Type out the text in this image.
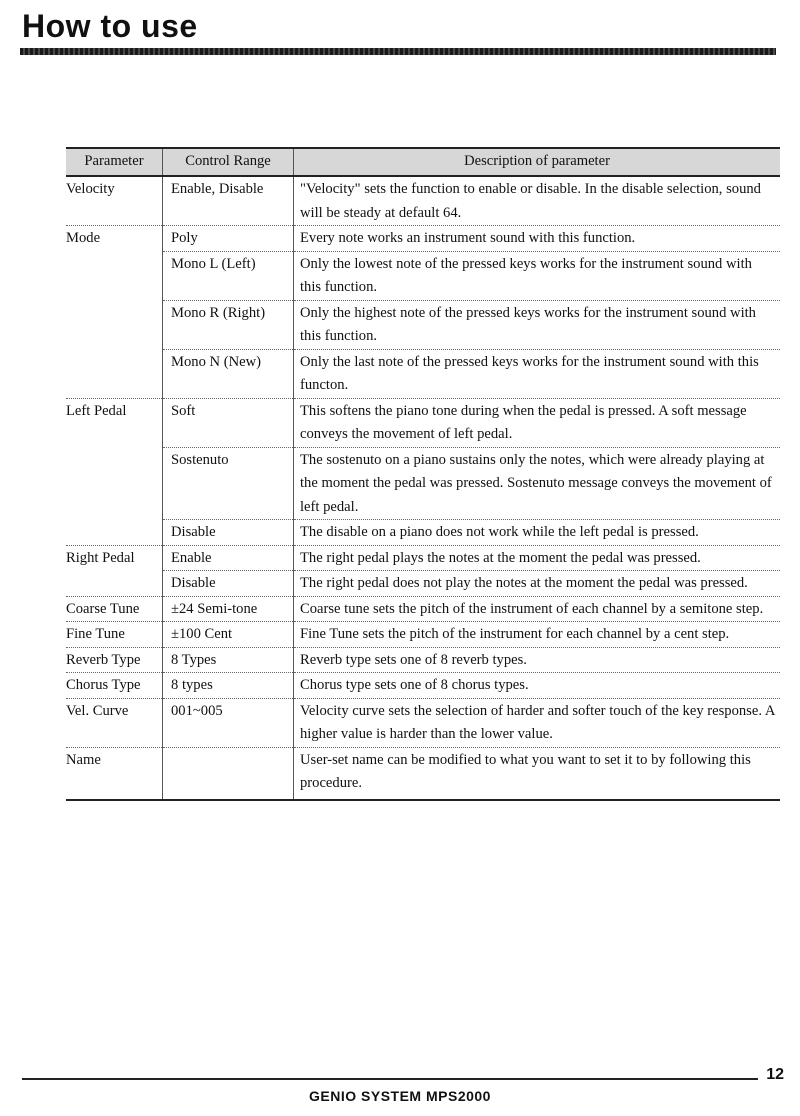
How to use
Parameter	Control Range	Description of parameter
Velocity	Enable, Disable	"Velocity" sets the function to enable or disable. In the disable selection, sound will be steady at default 64.
Mode	Poly	Every note works an instrument sound with this function.
	Mono L (Left)	Only the lowest note of the pressed keys works for the instrument sound with this function.
	Mono R (Right)	Only the highest note of the pressed keys works for the instrument sound with this function.
	Mono N (New)	Only the last note of the pressed keys works for the instrument sound with this functon.
Left Pedal	Soft	This softens the piano tone during when the pedal is pressed. A soft message conveys the movement of left pedal.
	Sostenuto	The sostenuto on a piano sustains only the notes, which were already playing at the moment the pedal was pressed. Sostenuto message conveys the movement of left pedal.
	Disable	The disable on a piano does not work while the left pedal is pressed.
Right Pedal	Enable	The right pedal plays the notes at the moment the pedal was pressed.
	Disable	The right pedal does not play the notes at the moment the pedal was pressed.
Coarse Tune	±24 Semi-tone	Coarse tune sets the pitch of the instrument of each channel by a semitone step.
Fine Tune	±100 Cent	Fine Tune sets the pitch of the instrument for each channel by a cent step.
Reverb Type	8 Types	Reverb type sets one of 8 reverb types.
Chorus Type	8 types	Chorus type sets one of 8 chorus types.
Vel. Curve	001~005	Velocity curve sets the selection of harder and softer touch of the key response. A higher value is harder than the lower value.
Name		User-set name can be modified to what you want to set it to by following this procedure.
12
GENIO SYSTEM MPS2000
